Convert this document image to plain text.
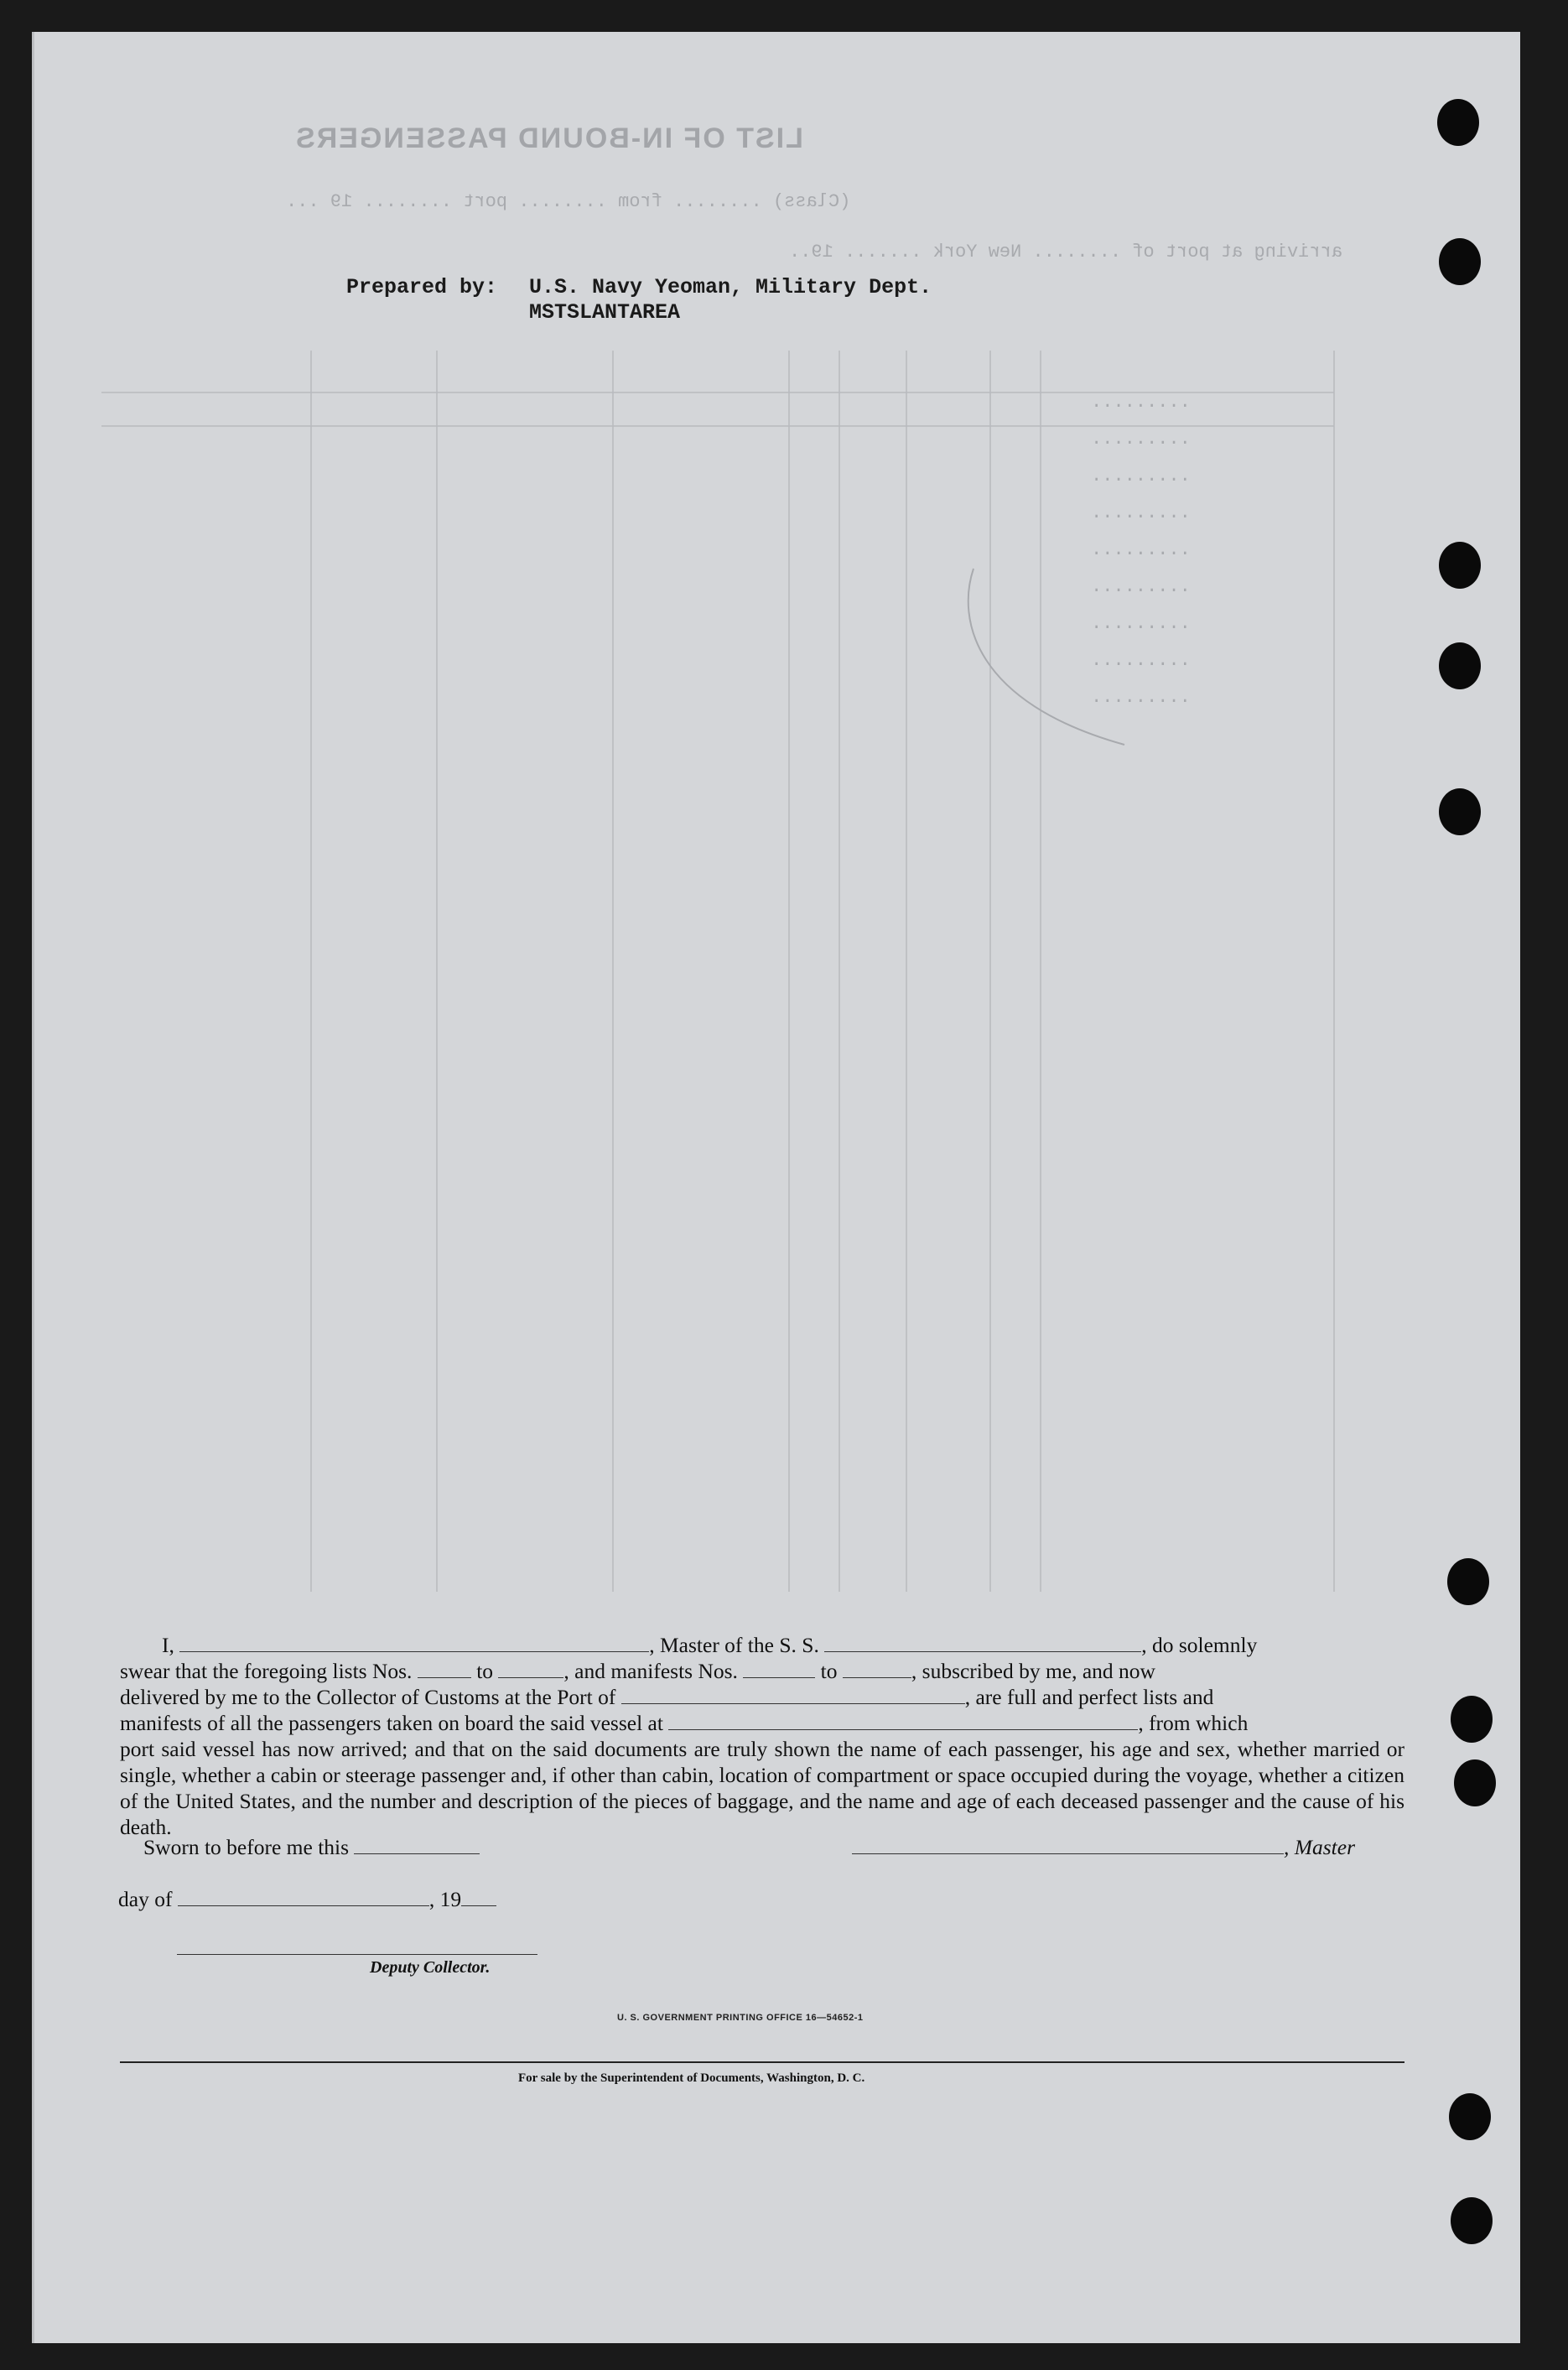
LIST OF IN-BOUND PASSENGERS
(Class) ........ from ........ port ........ 19 ...
arriving at port of ........ New York ....... 19..
.........
.........
.........
.........
.........
.........
.........
.........
.........
Prepared by: U.S. Navy Yeoman, Military Dept.
MSTSLANTAREA
I,	, Master of the S. S.	, do solemnly
swear that the foregoing lists Nos.	to	, and manifests Nos.	to	, subscribed by me, and now
delivered by me to the Collector of Customs at the Port of	, are full and perfect lists and
manifests of all the passengers taken on board the said vessel at	, from which
port said vessel has now arrived; and that on the said documents are truly shown the name of each passenger, his age and sex, whether married or single, whether a cabin or steerage passenger and, if other than cabin, location of compartment or space occupied during the voyage, whether a citizen of the United States, and the number and description of the pieces of baggage, and the name and age of each deceased passenger and the cause of his death.
Sworn to before me this	, Master
day of	, 19
Deputy Collector.
U. S. GOVERNMENT PRINTING OFFICE 16—54652-1
For sale by the Superintendent of Documents, Washington, D. C.
